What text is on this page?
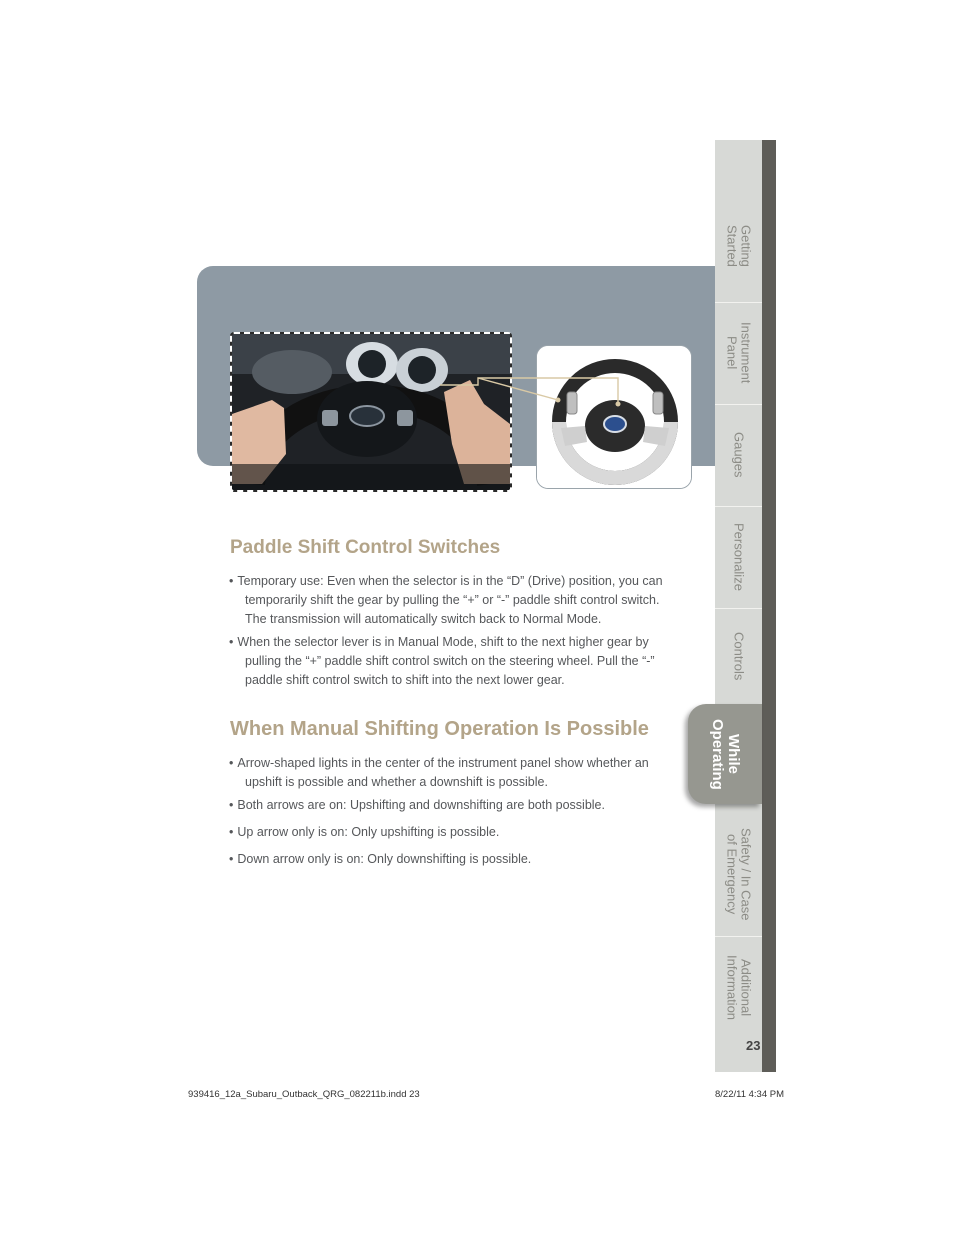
Getting
Started
Instrument
Panel
Gauges
Personalize
Controls
While
Operating
Safety / In Case
of Emergency
Additional
Information
Paddle Shift Control Switches
• Temporary use: Even when the selector is in the “D” (Drive) position, you can
temporarily shift the gear by pulling the “+” or “-” paddle shift control switch.
The transmission will automatically switch back to Normal Mode.
• When the selector lever is in Manual Mode, shift to the next higher gear by
pulling the “+” paddle shift control switch on the steering wheel. Pull the “-”
paddle shift control switch to shift into the next lower gear.
When Manual Shifting Operation Is Possible
• Arrow-shaped lights in the center of the instrument panel show whether an
upshift is possible and whether a downshift is possible.
• Both arrows are on: Upshifting and downshifting are both possible.
• Up arrow only is on: Only upshifting is possible.
• Down arrow only is on: Only downshifting is possible.
23
939416_12a_Subaru_Outback_QRG_082211b.indd 23	8/22/11 4:34 PM
